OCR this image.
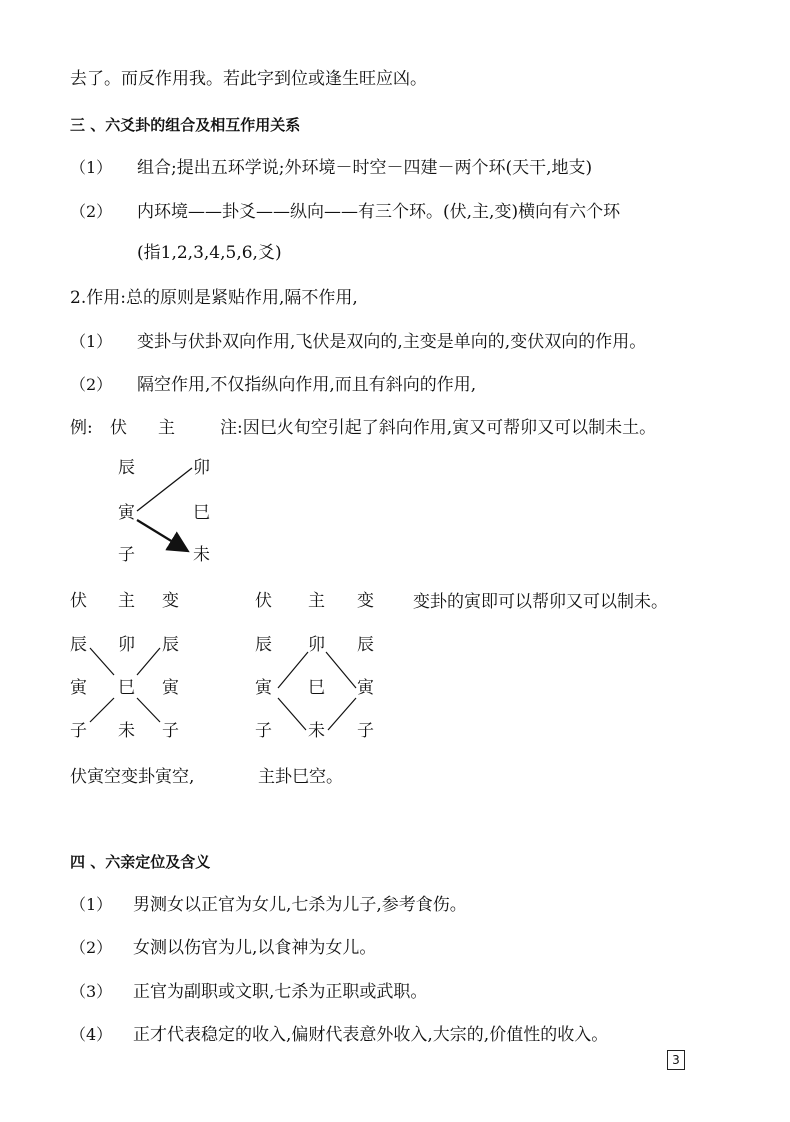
去了。而反作用我。若此字到位或逢生旺应凶。
三 、六爻卦的组合及相互作用关系
（1） 组合;提出五环学说;外环境－时空－四建－两个环(天干,地支)
（2） 内环境——卦爻——纵向——有三个环。(伏,主,变)横向有六个环
(指1,2,3,4,5,6,爻)
2.作用:总的原则是紧贴作用,隔不作用,
（1） 变卦与伏卦双向作用,飞伏是双向的,主变是单向的,变伏双向的作用。
（2） 隔空作用,不仅指纵向作用,而且有斜向的作用,
例: 伏 主	注:因巳火旬空引起了斜向作用,寅又可帮卯又可以制未土。
辰
寅
子
卯
巳
未
伏 主 变
辰
寅
子
卯
巳
未
辰
寅
子
伏 主 变
辰
寅
子
卯
巳
未
辰
寅
子
变卦的寅即可以帮卯又可以制未。
伏寅空变卦寅空,	主卦巳空。
四 、六亲定位及含义
（1） 男测女以正官为女儿,七杀为儿子,参考食伤。
（2） 女测以伤官为儿,以食神为女儿。
（3） 正官为副职或文职,七杀为正职或武职。
（4） 正才代表稳定的收入,偏财代表意外收入,大宗的,价值性的收入。
3
